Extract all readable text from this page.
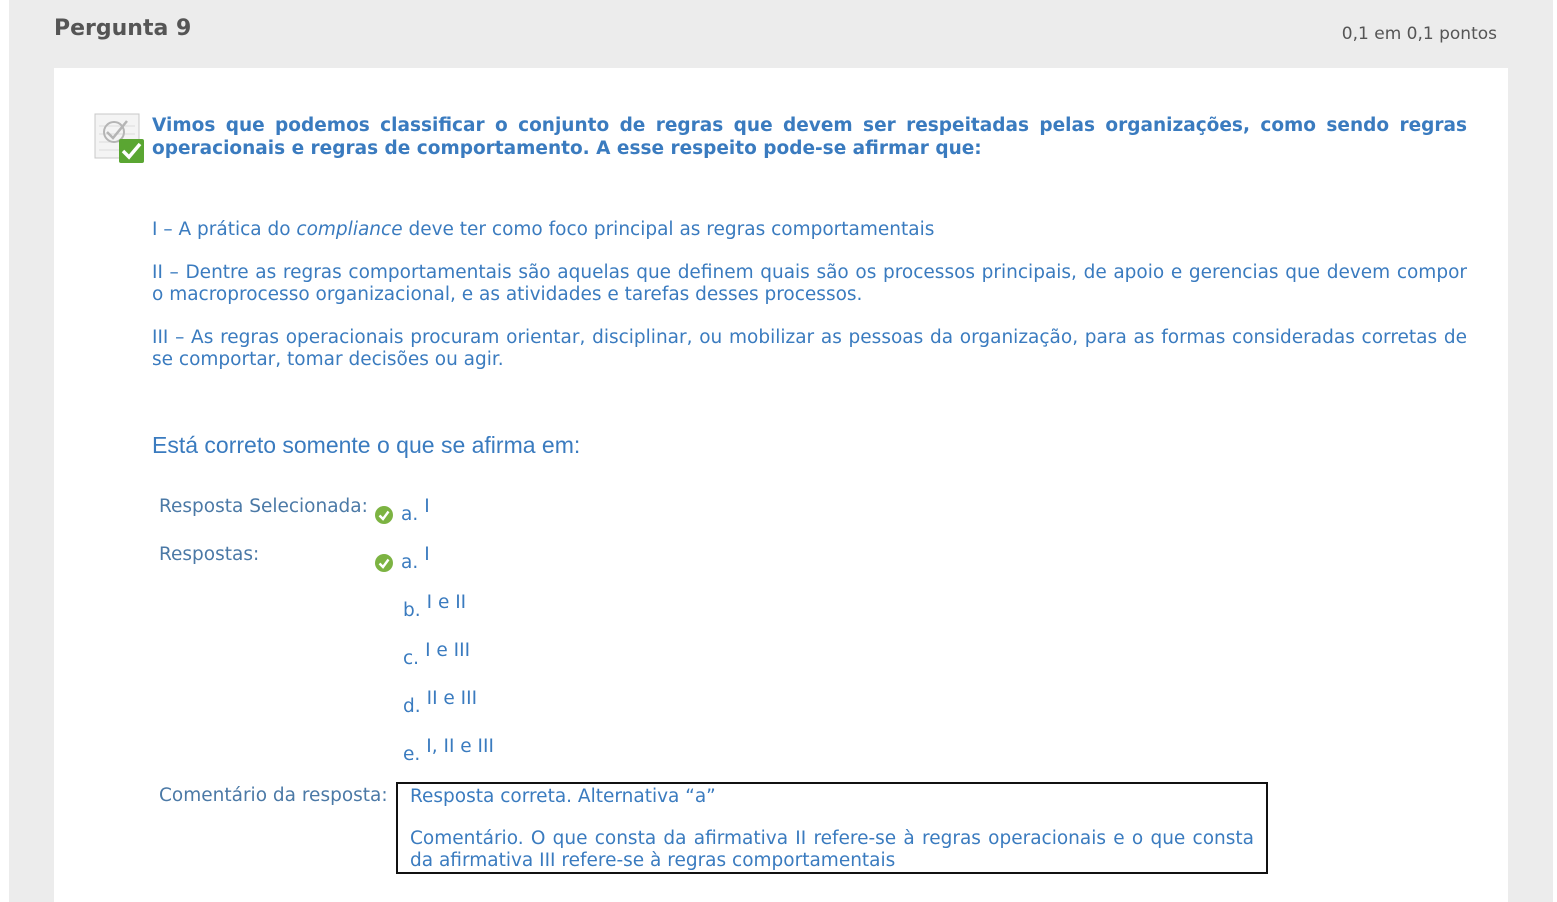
Pergunta 9	0,1 em 0,1 pontos
Vimos que podemos classificar o conjunto de regras que devem ser respeitadas pelas organizações, como sendo regras operacionais e regras de comportamento. A esse respeito pode-se afirmar que:
I – A prática do compliance deve ter como foco principal as regras comportamentais
II – Dentre as regras comportamentais são aquelas que definem quais são os processos principais, de apoio e gerencias que devem compor o macroprocesso organizacional, e as atividades e tarefas desses processos.
III – As regras operacionais procuram orientar, disciplinar, ou mobilizar as pessoas da organização, para as formas consideradas corretas de se comportar, tomar decisões ou agir.
Está correto somente o que se afirma em:
Resposta Selecionada: a. I
Respostas:	a. I
b. I e II
c. I e III
d. II e III
e. I, II e III
Comentário da resposta: Resposta correta. Alternativa “a”

Comentário. O que consta da afirmativa II refere-se à regras operacionais e o que consta da afirmativa III refere-se à regras comportamentais
